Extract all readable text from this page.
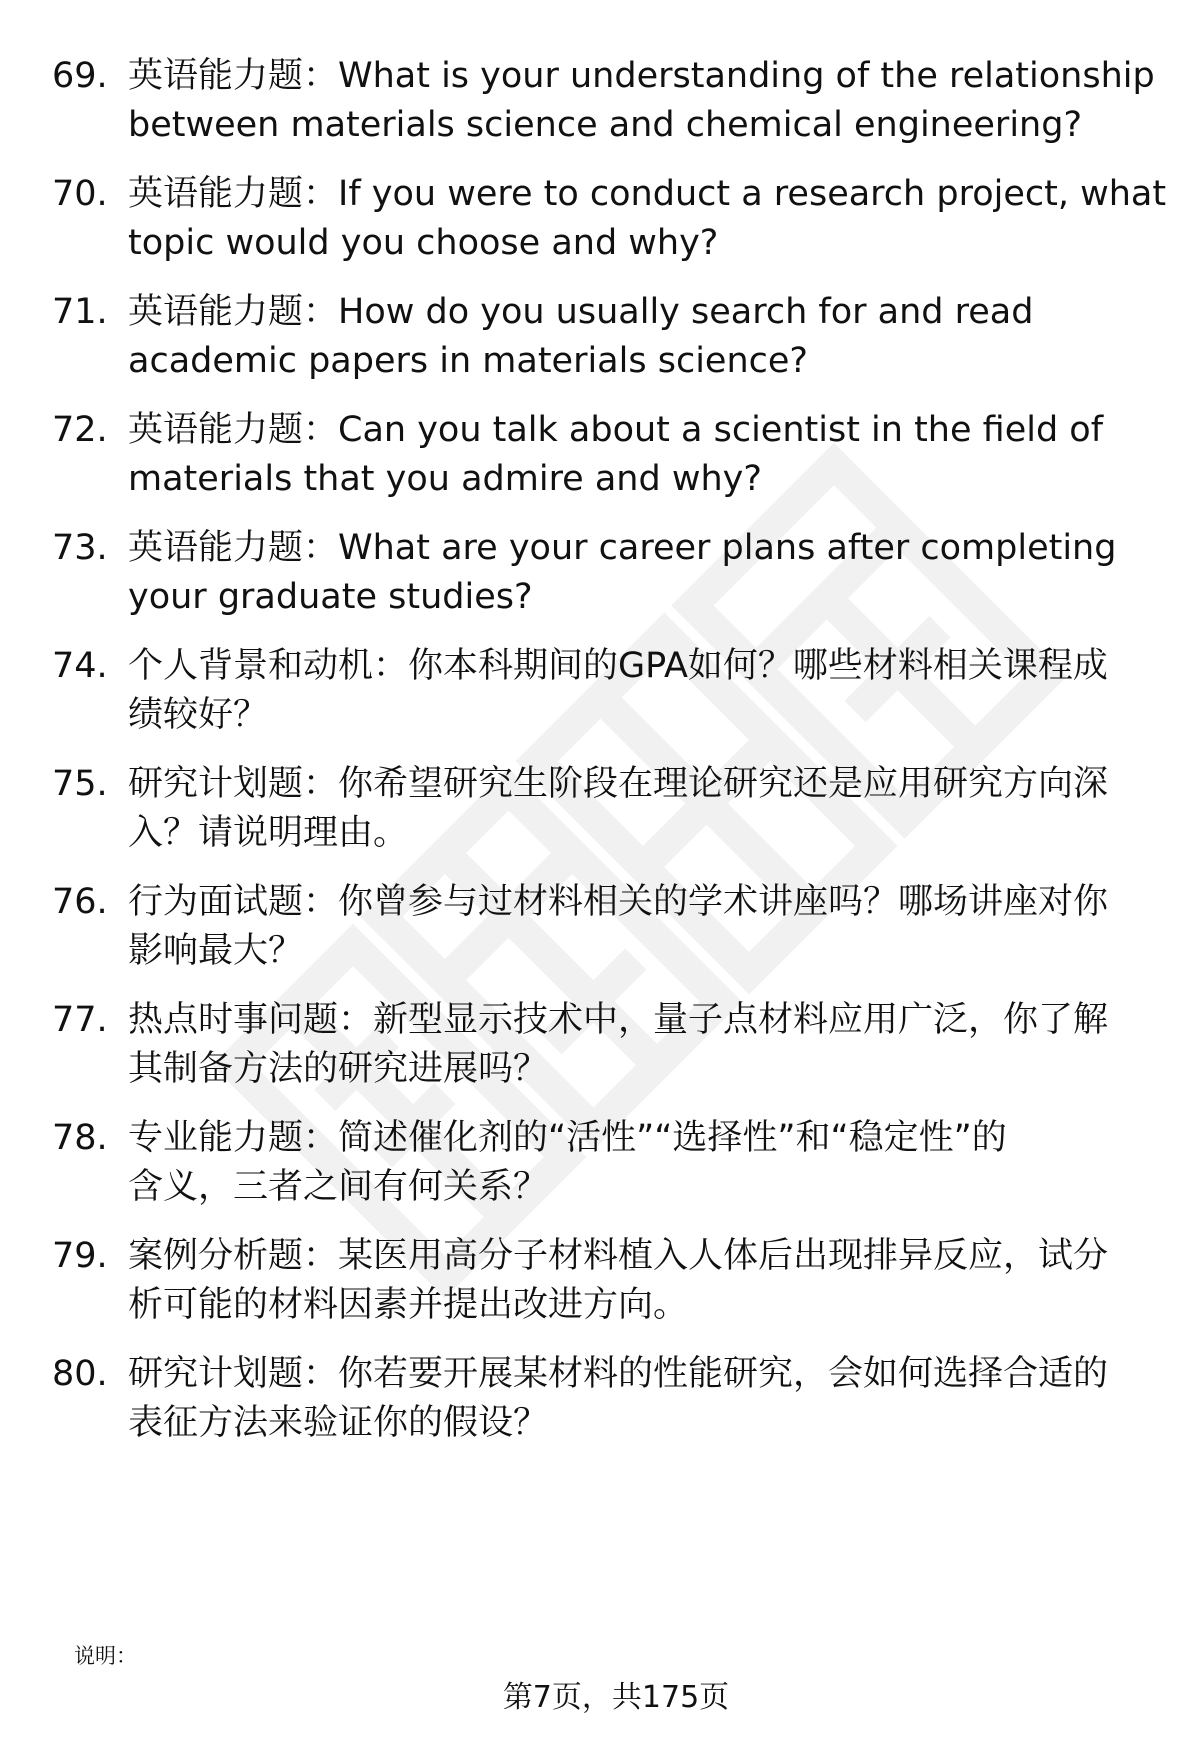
69. 英语能力题：What is your understanding of the relationship
between materials science and chemical engineering?
70. 英语能力题：If you were to conduct a research project, what
topic would you choose and why?
71. 英语能力题：How do you usually search for and read
academic papers in materials science?
72. 英语能力题：Can you talk about a scientist in the field of
materials that you admire and why?
73. 英语能力题：What are your career plans after completing
your graduate studies?
74. 个人背景和动机：你本科期间的GPA如何？哪些材料相关课程成
绩较好？
75. 研究计划题：你希望研究生阶段在理论研究还是应用研究方向深
入？请说明理由。
76. 行为面试题：你曾参与过材料相关的学术讲座吗？哪场讲座对你
影响最大？
77. 热点时事问题：新型显示技术中，量子点材料应用广泛，你了解
其制备方法的研究进展吗？
78. 专业能力题：简述催化剂的“活性”“选择性”和“稳定性”的
含义，三者之间有何关系？
79. 案例分析题：某医用高分子材料植入人体后出现排异反应，试分
析可能的材料因素并提出改进方向。
80. 研究计划题：你若要开展某材料的性能研究，会如何选择合适的
表征方法来验证你的假设？
说明：
第7页，共175页
